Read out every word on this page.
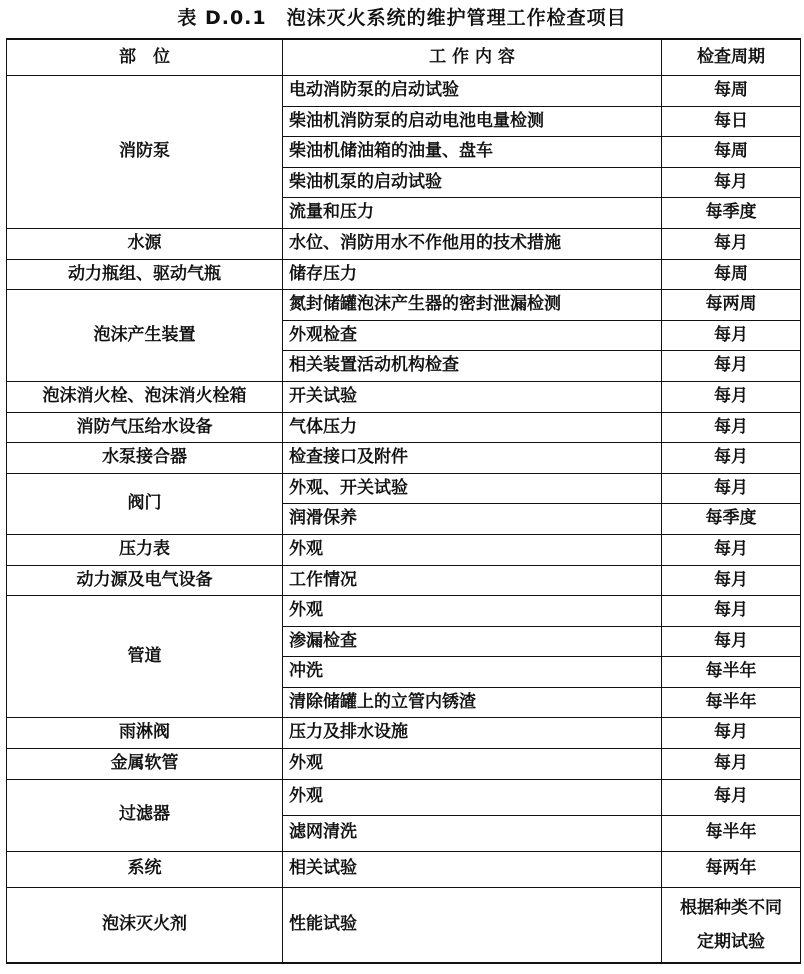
表 D.0.1　泡沫灭火系统的维护管理工作检查项目
部　位	工 作 内 容	检查周期
消防泵	电动消防泵的启动试验	每周
	柴油机消防泵的启动电池电量检测	每日
	柴油机储油箱的油量、盘车	每周
	柴油机泵的启动试验	每月
	流量和压力	每季度
水源	水位、消防用水不作他用的技术措施	每月
动力瓶组、驱动气瓶	储存压力	每周
泡沫产生装置	氮封储罐泡沫产生器的密封泄漏检测	每两周
	外观检查	每月
	相关装置活动机构检查	每月
泡沫消火栓、泡沫消火栓箱	开关试验	每月
消防气压给水设备	气体压力	每月
水泵接合器	检查接口及附件	每月
阀门	外观、开关试验	每月
	润滑保养	每季度
压力表	外观	每月
动力源及电气设备	工作情况	每月
管道	外观	每月
	渗漏检查	每月
	冲洗	每半年
	清除储罐上的立管内锈渣	每半年
雨淋阀	压力及排水设施	每月
金属软管	外观	每月
过滤器	外观	每月
	滤网清洗	每半年
系统	相关试验	每两年
泡沫灭火剂	性能试验	根据种类不同
定期试验
